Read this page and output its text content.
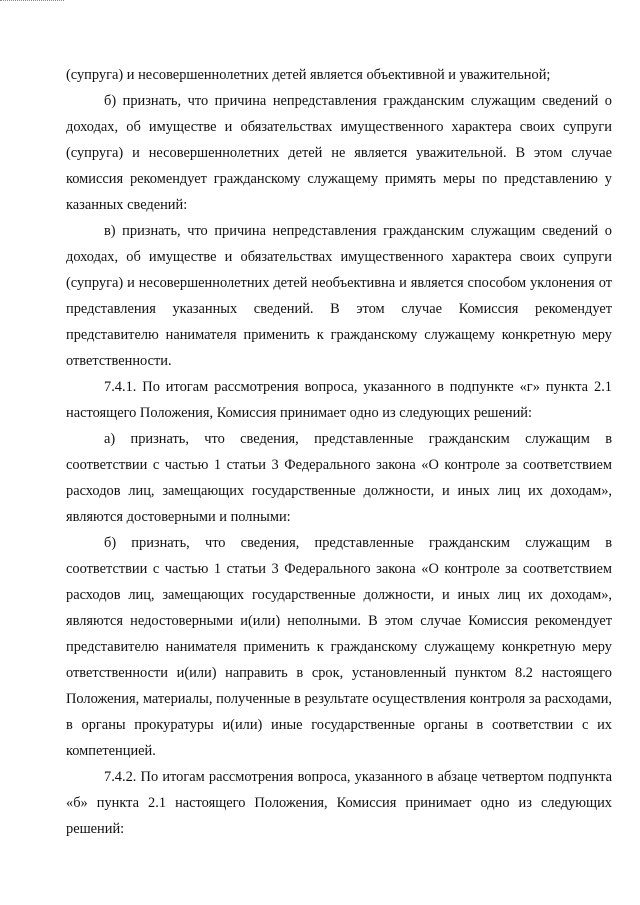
(супруга) и несовершеннолетних детей является объективной и уважительной;

б) признать, что причина непредставления гражданским служащим сведений о доходах, об имуществе и обязательствах имущественного характера своих супруги (супруга) и несовершеннолетних детей не является уважительной. В этом случае комиссия рекомендует гражданскому служащему примять меры по представлению у казанных сведений:

в) признать, что причина непредставления гражданским служащим сведений о доходах, об имуществе и обязательствах имущественного характера своих супруги (супруга) и несовершеннолетних детей необъективна и является способом уклонения от представления указанных сведений. В этом случае Комиссия рекомендует представителю нанимателя применить к гражданскому служащему конкретную меру ответственности.

7.4.1. По итогам рассмотрения вопроса, указанного в подпункте «г» пункта 2.1 настоящего Положения, Комиссия принимает одно из следующих решений:

а) признать, что сведения, представленные гражданским служащим в соответствии с частью 1 статьи 3 Федерального закона «О контроле за соответствием расходов лиц, замещающих государственные должности, и иных лиц их доходам», являются достоверными и полными:

б) признать, что сведения, представленные гражданским служащим в соответствии с частью 1 статьи 3 Федерального закона «О контроле за соответствием расходов лиц, замещающих государственные должности, и иных лиц их доходам», являются недостоверными и(или) неполными. В этом случае Комиссия рекомендует представителю нанимателя применить к гражданскому служащему конкретную меру ответственности и(или) направить в срок, установленный пунктом 8.2 настоящего Положения, материалы, полученные в результате осуществления контроля за расходами, в органы прокуратуры и(или) иные государственные органы в соответствии с их компетенцией.

7.4.2. По итогам рассмотрения вопроса, указанного в абзаце четвертом подпункта «б» пункта 2.1 настоящего Положения, Комиссия принимает одно из следующих решений:
